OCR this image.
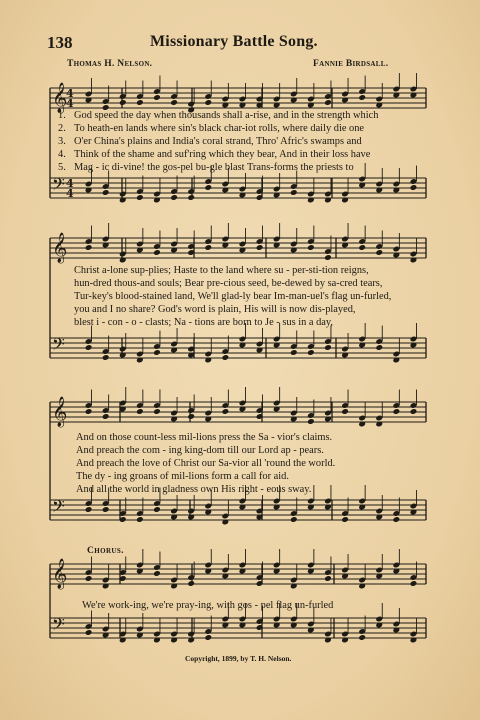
138	Missionary Battle Song.
Thomas H. Nelson.	Fannie Birdsall.
𝄞
𝄢
4
4
4
4
1. God speed the day when thousands shall a-rise, and in the strength which
2. To heath-en lands where sin's black char-iot rolls, where daily die one
3. O'er China's plains and India's coral strand, Thro' Afric's swamps and
4. Think of the shame and suf'ring which they bear, And in their loss have
5. Mag - ic di-vine! the gos-pel bu-gle blast Trans-forms the priests to
𝄞
𝄢
Christ a-lone sup-plies; Haste to the land where su - per-sti-tion reigns,
hun-dred thous-and souls; Bear pre-cious seed, be-dewed by sa-cred tears,
Tur-key's blood-stained land, We'll glad-ly bear Im-man-uel's flag un-furled,
you and I no share? God's word is plain, His will is now dis-played,
blest i - con - o - clasts; Na - tions are born to Je - sus in a day,
𝄞
𝄢
And on those count-less mil-lions press the Sa - vior's claims.
And preach the com - ing king-dom till our Lord ap - pears.
And preach the love of Christ our Sa-vior all 'round the world.
The dy - ing groans of mil-lions form a call for aid.
And all the world in gladness own His right - eous sway.
Chorus.
𝄞
𝄢
We're work-ing, we're pray-ing, with gos - pel flag un-furled
Copyright, 1899, by T. H. Nelson.
